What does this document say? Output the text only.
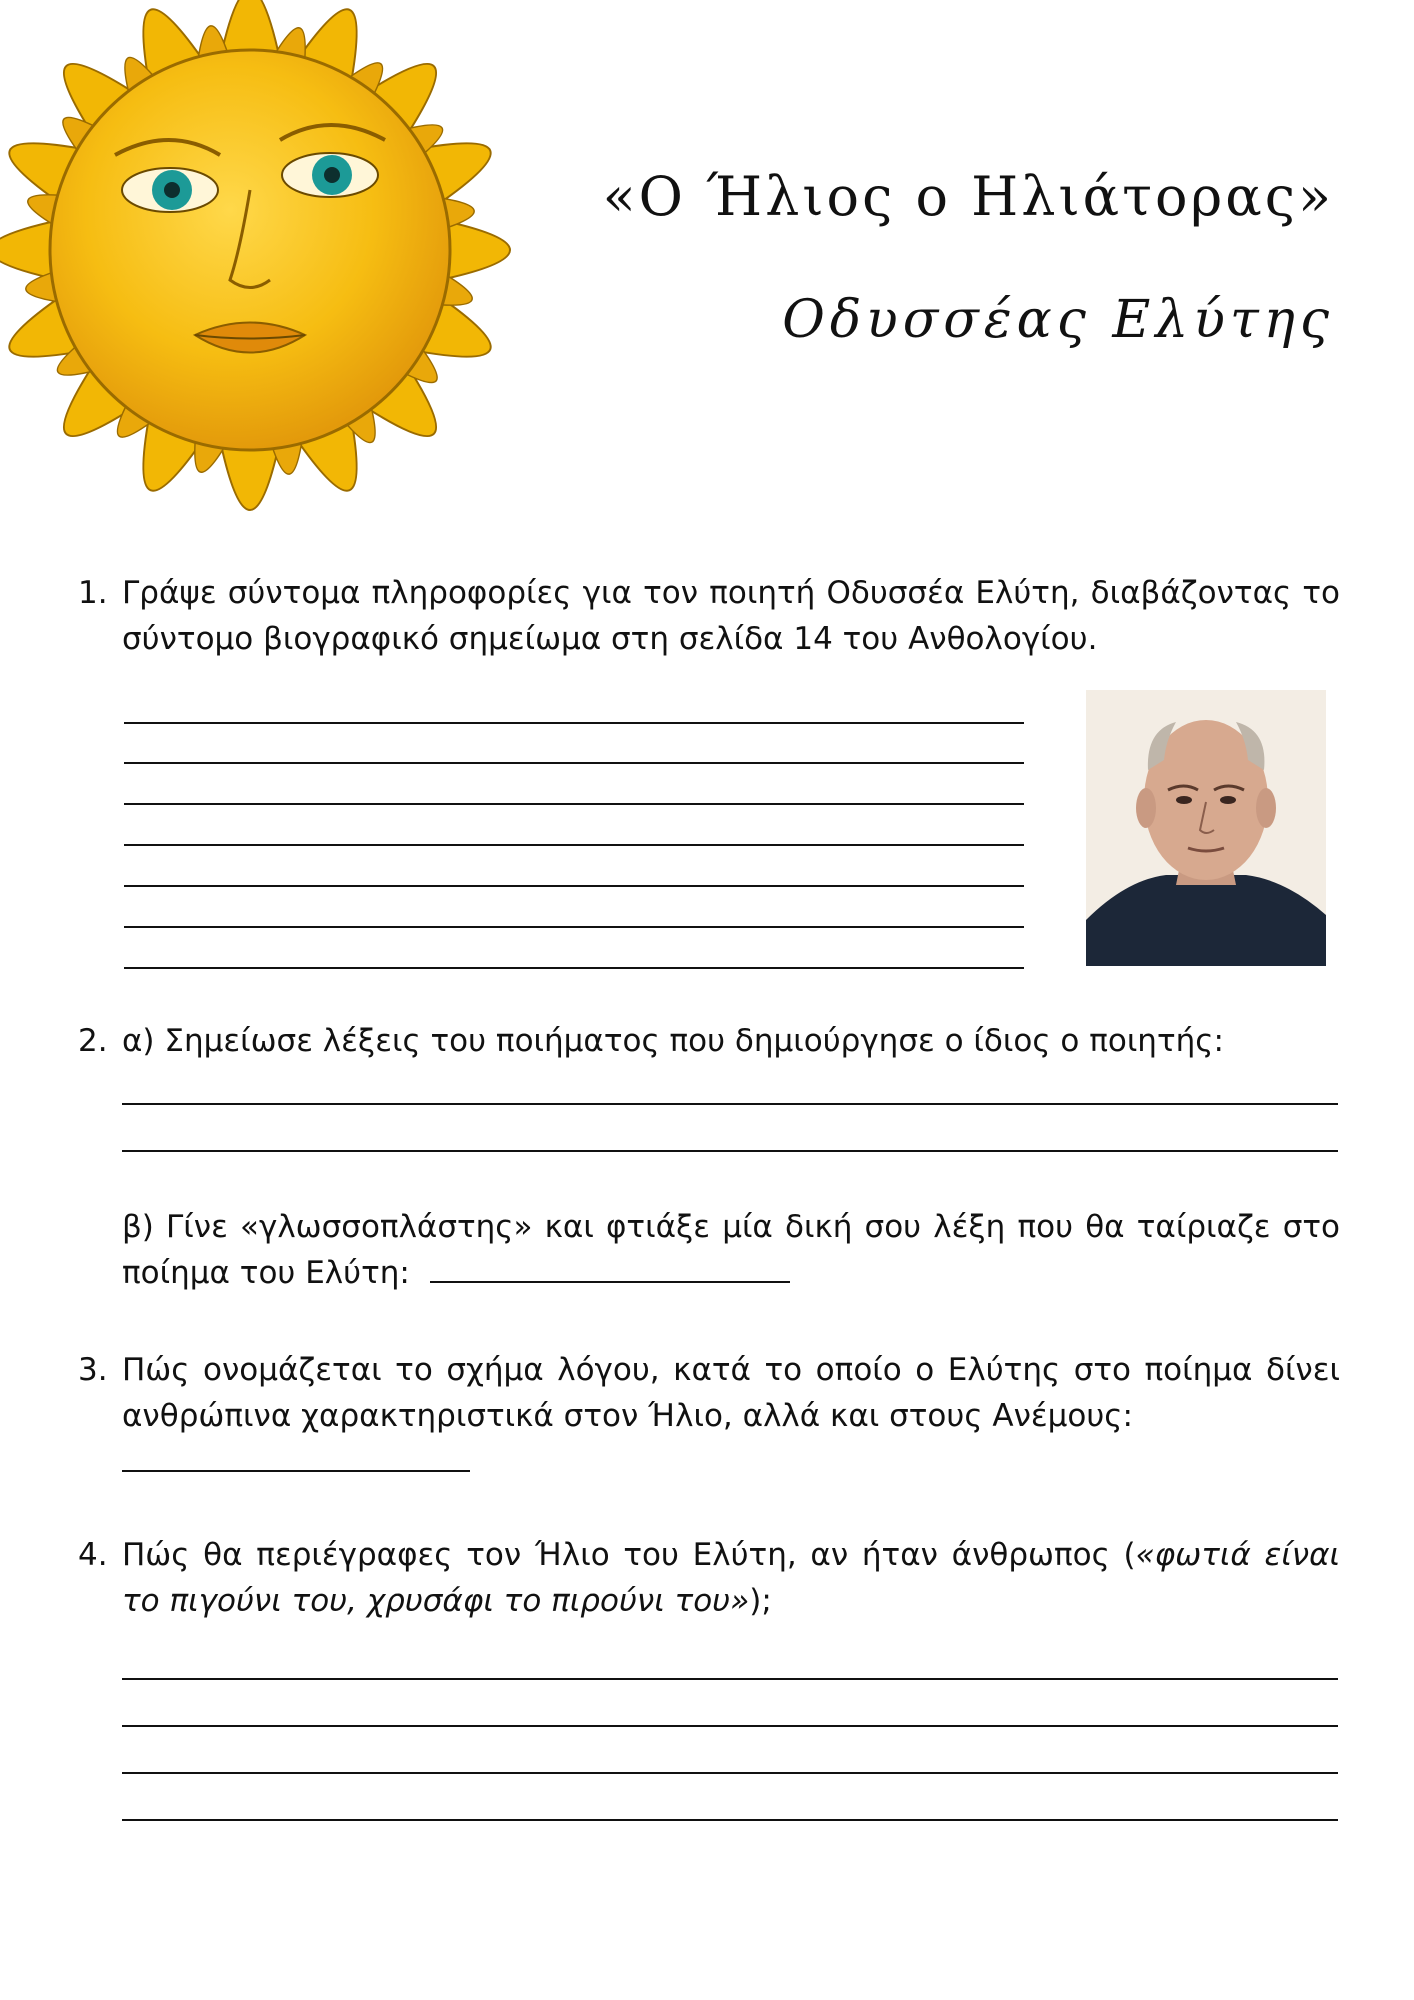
«Ο Ήλιος ο Ηλιάτορας»
Οδυσσέας Ελύτης
1. Γράψε σύντομα πληροφορίες για τον ποιητή Οδυσσέα Ελύτη, διαβάζοντας το σύντομο βιογραφικό σημείωμα στη σελίδα 14 του Ανθολογίου.
2. α) Σημείωσε λέξεις του ποιήματος που δημιούργησε ο ίδιος ο ποιητής:
β) Γίνε «γλωσσοπλάστης» και φτιάξε μία δική σου λέξη που θα ταίριαζε στο ποίημα του Ελύτη:
3. Πώς ονομάζεται το σχήμα λόγου, κατά το οποίο ο Ελύτης στο ποίημα δίνει ανθρώπινα χαρακτηριστικά στον Ήλιο, αλλά και στους Ανέμους:

4. Πώς θα περιέγραφες τον Ήλιο του Ελύτη, αν ήταν άνθρωπος («φωτιά είναι το πιγούνι του, χρυσάφι το πιρούνι του»);
